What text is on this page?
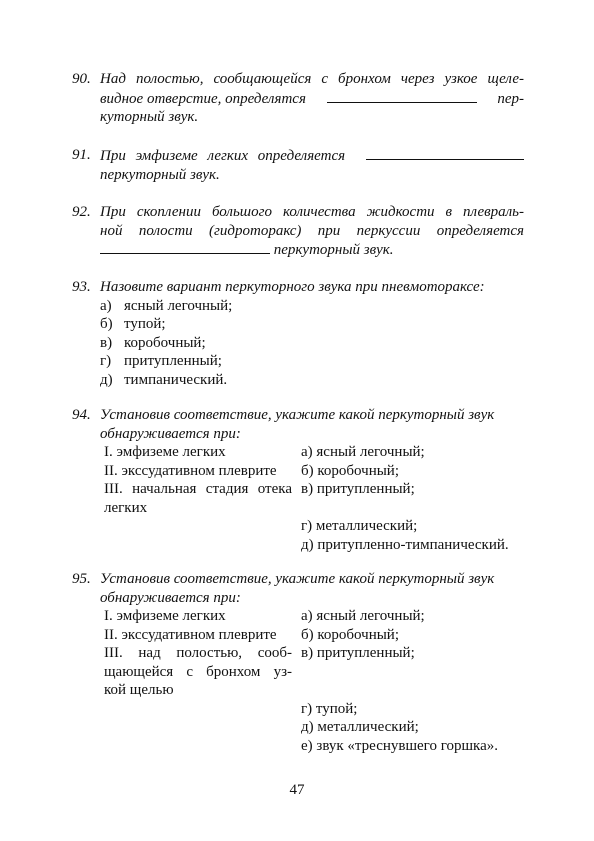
90. Над полостью, сообщающейся с бронхом через узкое щеле-
видное отверстие, определятся	пер-
куторный звук.
91. При эмфиземе легких определяется
перкуторный звук.
92. При скоплении большого количества жидкости в плевраль-
ной полости (гидроторакс) при перкуссии определяется
перкуторный звук.
93. Назовите вариант перкуторного звука при пневмотораксе:
а) ясный легочный;
б) тупой;
в) коробочный;
г) притупленный;
д) тимпанический.
94. Установив соответствие, укажите какой перкуторный звук
обнаруживается при:
I. эмфиземе легких	а) ясный легочный;
II. экссудативном плеврите	б) коробочный;
III. начальная стадия отека в) притупленный;
легких
г) металлический;
д) притупленно-тимпанический.
95. Установив соответствие, укажите какой перкуторный звук
обнаруживается при:
I. эмфиземе легких	а) ясный легочный;
II. экссудативном плеврите	б) коробочный;
III. над полостью, сооб- в) притупленный;
щающейся с бронхом уз-
кой щелью
г) тупой;
д) металлический;
е) звук «треснувшего горшка».
47
